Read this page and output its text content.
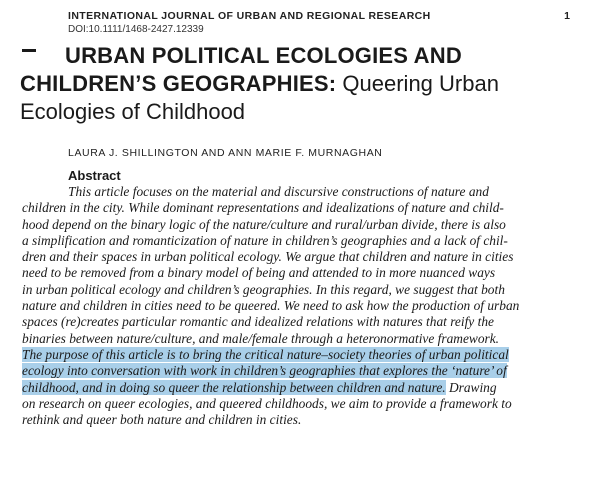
INTERNATIONAL JOURNAL OF URBAN AND REGIONAL RESEARCH
DOI:10.1111/1468-2427.12339
1
URBAN POLITICAL ECOLOGIES AND
CHILDREN’S GEOGRAPHIES: Queering Urban
Ecologies of Childhood
LAURA J. SHILLINGTON AND ANN MARIE F. MURNAGHAN
Abstract
This article focuses on the material and discursive constructions of nature and
children in the city. While dominant representations and idealizations of nature and child-
hood depend on the binary logic of the nature/culture and rural/urban divide, there is also
a simplification and romanticization of nature in children’s geographies and a lack of chil-
dren and their spaces in urban political ecology. We argue that children and nature in cities
need to be removed from a binary model of being and attended to in more nuanced ways
in urban political ecology and children’s geographies. In this regard, we suggest that both
nature and children in cities need to be queered. We need to ask how the production of urban
spaces (re)creates particular romantic and idealized relations with natures that reify the
binaries between nature/culture, and male/female through a heteronormative framework.
The purpose of this article is to bring the critical nature–society theories of urban political
ecology into conversation with work in children’s geographies that explores the ‘nature’ of
childhood, and in doing so queer the relationship between children and nature. Drawing
on research on queer ecologies, and queered childhoods, we aim to provide a framework to
rethink and queer both nature and children in cities.
